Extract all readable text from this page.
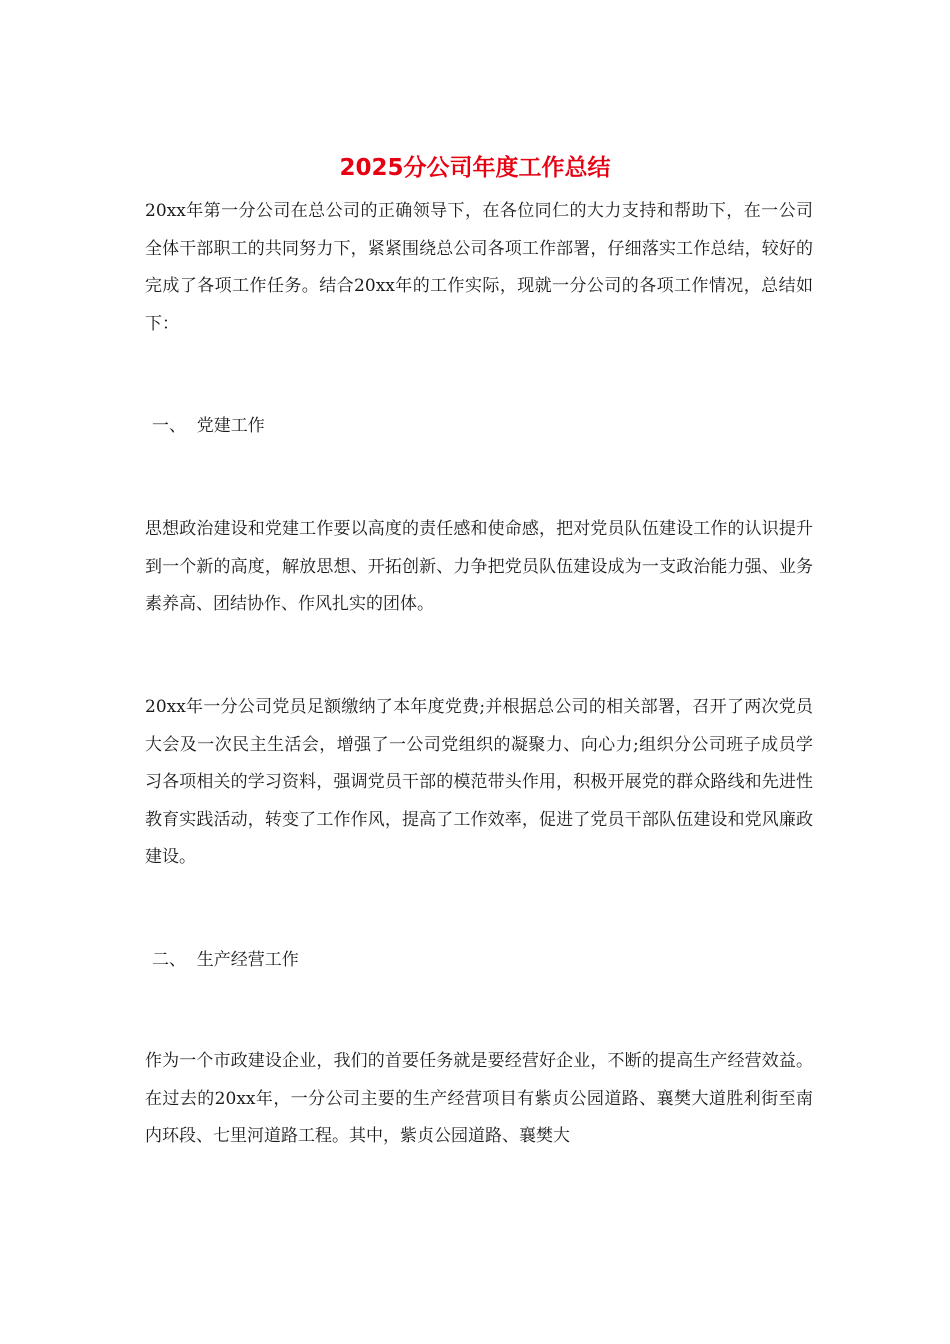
2025分公司年度工作总结

20xx年第一分公司在总公司的正确领导下，在各位同仁的大力支持和帮助下，在一公司全体干部职工的共同努力下，紧紧围绕总公司各项工作部署，仔细落实工作总结，较好的完成了各项工作任务。结合20xx年的工作实际，现就一分公司的各项工作情况，总结如下：

一、  党建工作

思想政治建设和党建工作要以高度的责任感和使命感，把对党员队伍建设工作的认识提升到一个新的高度，解放思想、开拓创新、力争把党员队伍建设成为一支政治能力强、业务素养高、团结协作、作风扎实的团体。

20xx年一分公司党员足额缴纳了本年度党费;并根据总公司的相关部署，召开了两次党员大会及一次民主生活会，增强了一公司党组织的凝聚力、向心力;组织分公司班子成员学习各项相关的学习资料，强调党员干部的模范带头作用，积极开展党的群众路线和先进性教育实践活动，转变了工作作风，提高了工作效率，促进了党员干部队伍建设和党风廉政建设。

二、  生产经营工作

作为一个市政建设企业，我们的首要任务就是要经营好企业，不断的提高生产经营效益。在过去的20xx年，一分公司主要的生产经营项目有紫贞公园道路、襄樊大道胜利街至南内环段、七里河道路工程。其中，紫贞公园道路、襄樊大
